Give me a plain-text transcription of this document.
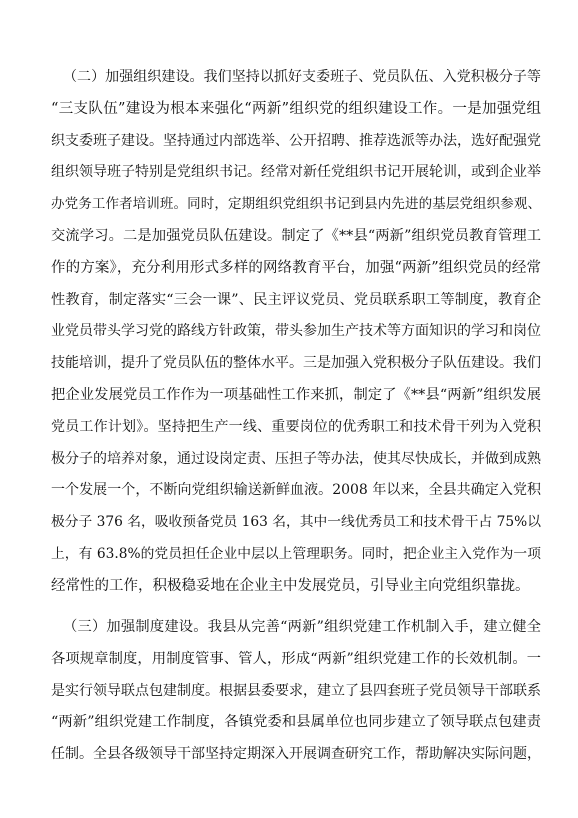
（二）加强组织建设。我们坚持以抓好支委班子、党员队伍、入党积极分子等
“三支队伍”建设为根本来强化“两新”组织党的组织建设工作。一是加强党组
织支委班子建设。坚持通过内部选举、公开招聘、推荐选派等办法，选好配强党
组织领导班子特别是党组织书记。经常对新任党组织书记开展轮训，或到企业举
办党务工作者培训班。同时，定期组织党组织书记到县内先进的基层党组织参观、
交流学习。二是加强党员队伍建设。制定了《**县“两新”组织党员教育管理工
作的方案》，充分利用形式多样的网络教育平台，加强“两新”组织党员的经常
性教育，制定落实“三会一课”、民主评议党员、党员联系职工等制度，教育企
业党员带头学习党的路线方针政策，带头参加生产技术等方面知识的学习和岗位
技能培训，提升了党员队伍的整体水平。三是加强入党积极分子队伍建设。我们
把企业发展党员工作作为一项基础性工作来抓，制定了《**县“两新”组织发展
党员工作计划》。坚持把生产一线、重要岗位的优秀职工和技术骨干列为入党积
极分子的培养对象，通过设岗定责、压担子等办法，使其尽快成长，并做到成熟
一个发展一个，不断向党组织输送新鲜血液。2008 年以来，全县共确定入党积
极分子 376 名，吸收预备党员 163 名，其中一线优秀员工和技术骨干占 75%以
上，有 63.8%的党员担任企业中层以上管理职务。同时，把企业主入党作为一项
经常性的工作，积极稳妥地在企业主中发展党员，引导业主向党组织靠拢。

（三）加强制度建设。我县从完善“两新”组织党建工作机制入手，建立健全
各项规章制度，用制度管事、管人，形成“两新”组织党建工作的长效机制。一
是实行领导联点包建制度。根据县委要求，建立了县四套班子党员领导干部联系
“两新”组织党建工作制度，各镇党委和县属单位也同步建立了领导联点包建责
任制。全县各级领导干部坚持定期深入开展调查研究工作，帮助解决实际问题，
